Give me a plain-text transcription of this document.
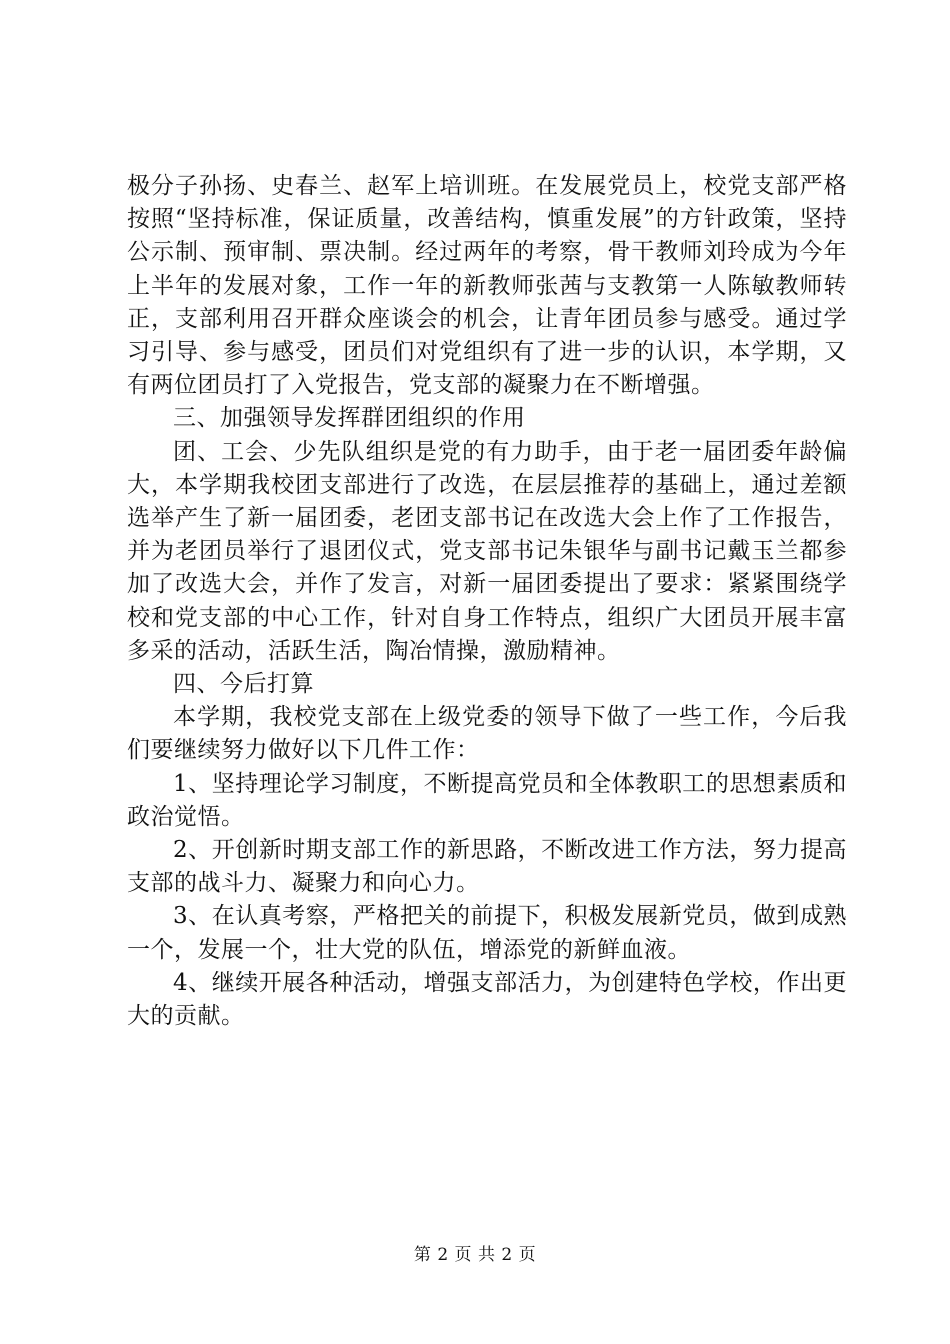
极分子孙扬、史春兰、赵军上培训班。在发展党员上，校党支部严格按照“坚持标准，保证质量，改善结构，慎重发展”的方针政策，坚持公示制、预审制、票决制。经过两年的考察，骨干教师刘玲成为今年上半年的发展对象，工作一年的新教师张茜与支教第一人陈敏教师转正，支部利用召开群众座谈会的机会，让青年团员参与感受。通过学习引导、参与感受，团员们对党组织有了进一步的认识，本学期，又有两位团员打了入党报告，党支部的凝聚力在不断增强。

三、加强领导发挥群团组织的作用

团、工会、少先队组织是党的有力助手，由于老一届团委年龄偏大，本学期我校团支部进行了改选，在层层推荐的基础上，通过差额选举产生了新一届团委，老团支部书记在改选大会上作了工作报告，并为老团员举行了退团仪式，党支部书记朱银华与副书记戴玉兰都参加了改选大会，并作了发言，对新一届团委提出了要求：紧紧围绕学校和党支部的中心工作，针对自身工作特点，组织广大团员开展丰富多采的活动，活跃生活，陶冶情操，激励精神。

四、今后打算

本学期，我校党支部在上级党委的领导下做了一些工作，今后我们要继续努力做好以下几件工作：

1、坚持理论学习制度，不断提高党员和全体教职工的思想素质和政治觉悟。

2、开创新时期支部工作的新思路，不断改进工作方法，努力提高支部的战斗力、凝聚力和向心力。

3、在认真考察，严格把关的前提下，积极发展新党员，做到成熟一个，发展一个，壮大党的队伍，增添党的新鲜血液。

4、继续开展各种活动，增强支部活力，为创建特色学校，作出更大的贡献。

第 2 页 共 2 页
